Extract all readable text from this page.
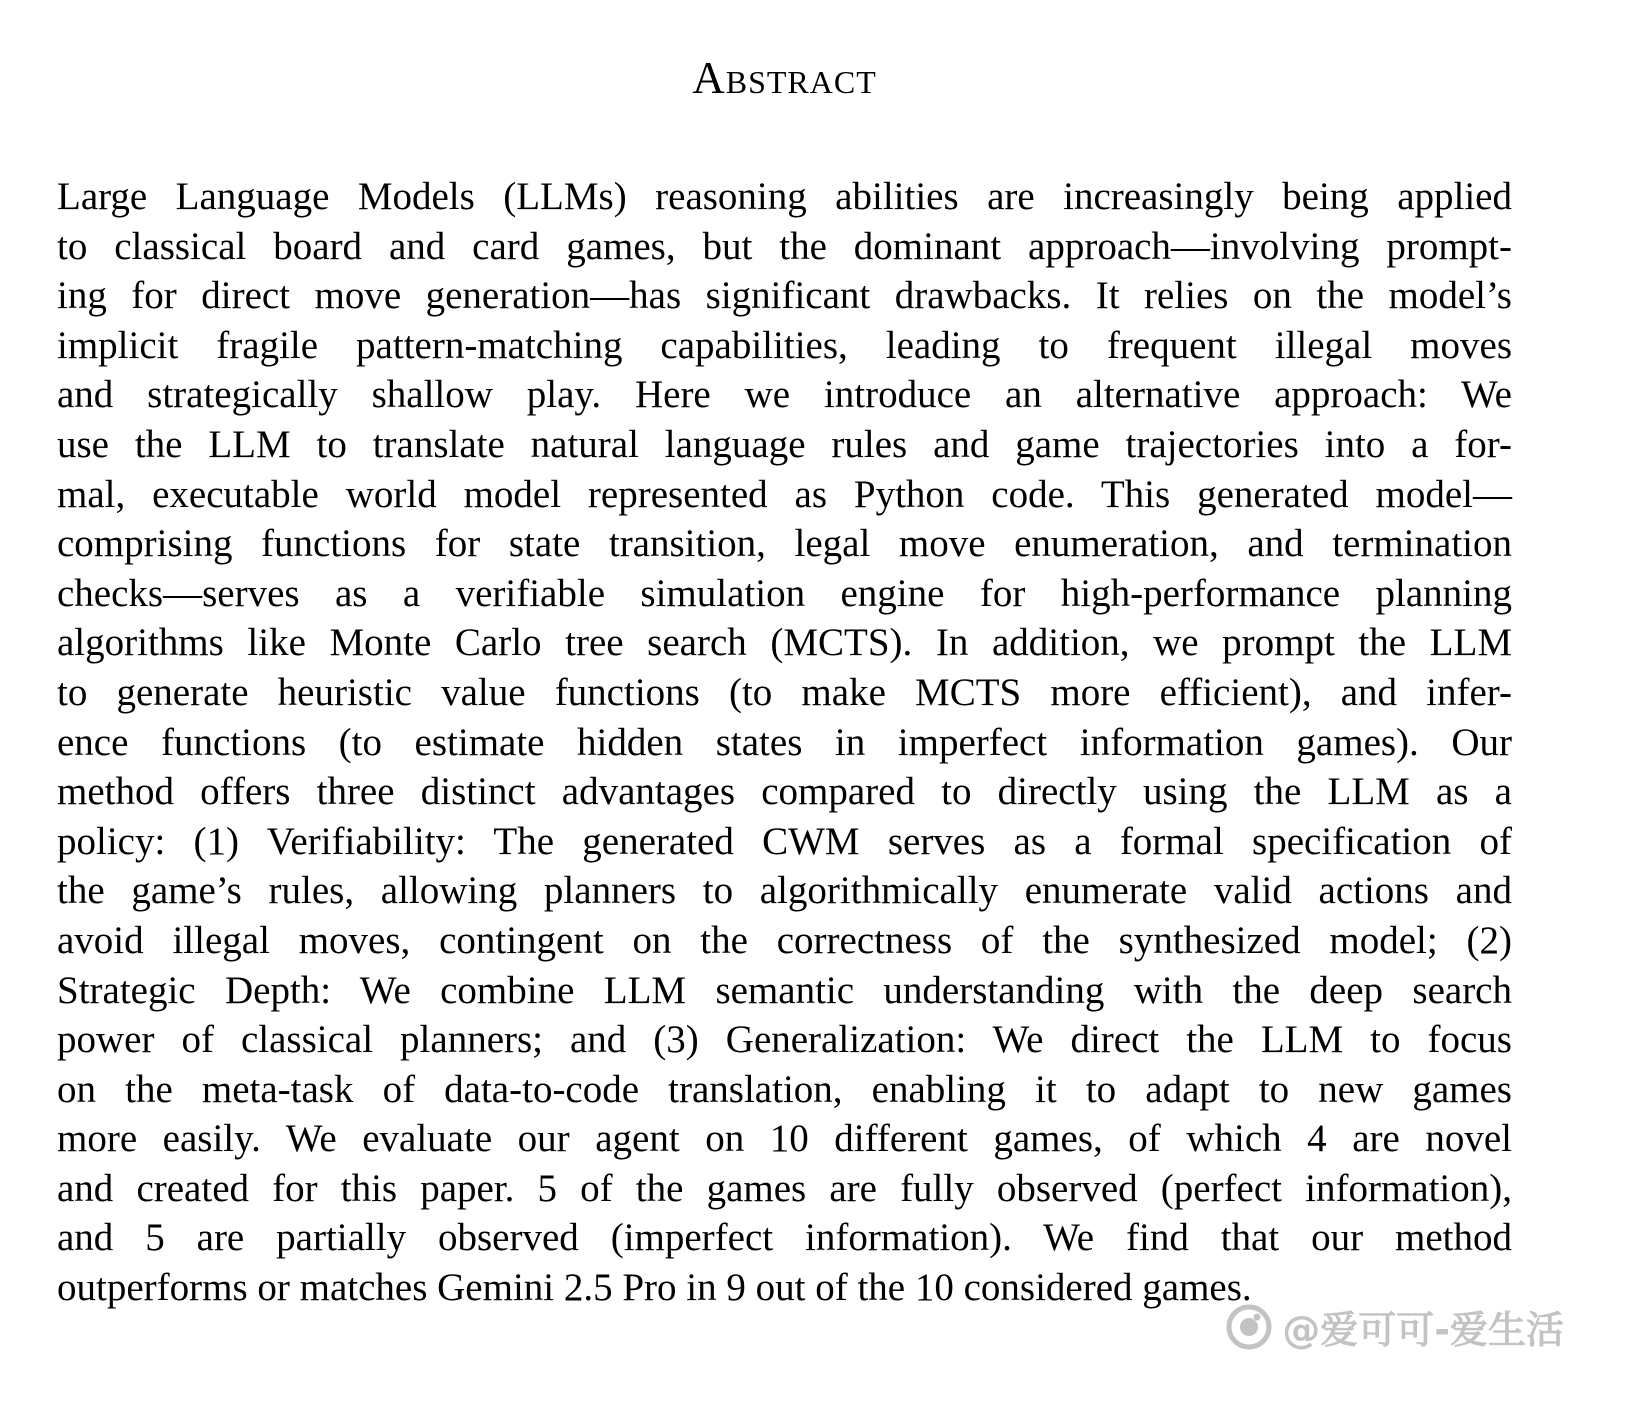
Abstract
Large Language Models (LLMs) reasoning abilities are increasingly being applied
to classical board and card games, but the dominant approach—involving prompt-
ing for direct move generation—has significant drawbacks. It relies on the model’s
implicit fragile pattern-matching capabilities, leading to frequent illegal moves
and strategically shallow play. Here we introduce an alternative approach: We
use the LLM to translate natural language rules and game trajectories into a for-
mal, executable world model represented as Python code. This generated model—
comprising functions for state transition, legal move enumeration, and termination
checks—serves as a verifiable simulation engine for high-performance planning
algorithms like Monte Carlo tree search (MCTS). In addition, we prompt the LLM
to generate heuristic value functions (to make MCTS more efficient), and infer-
ence functions (to estimate hidden states in imperfect information games). Our
method offers three distinct advantages compared to directly using the LLM as a
policy: (1) Verifiability: The generated CWM serves as a formal specification of
the game’s rules, allowing planners to algorithmically enumerate valid actions and
avoid illegal moves, contingent on the correctness of the synthesized model; (2)
Strategic Depth: We combine LLM semantic understanding with the deep search
power of classical planners; and (3) Generalization: We direct the LLM to focus
on the meta-task of data-to-code translation, enabling it to adapt to new games
more easily. We evaluate our agent on 10 different games, of which 4 are novel
and created for this paper. 5 of the games are fully observed (perfect information),
and 5 are partially observed (imperfect information). We find that our method
outperforms or matches Gemini 2.5 Pro in 9 out of the 10 considered games.
@爱可可-爱生活
